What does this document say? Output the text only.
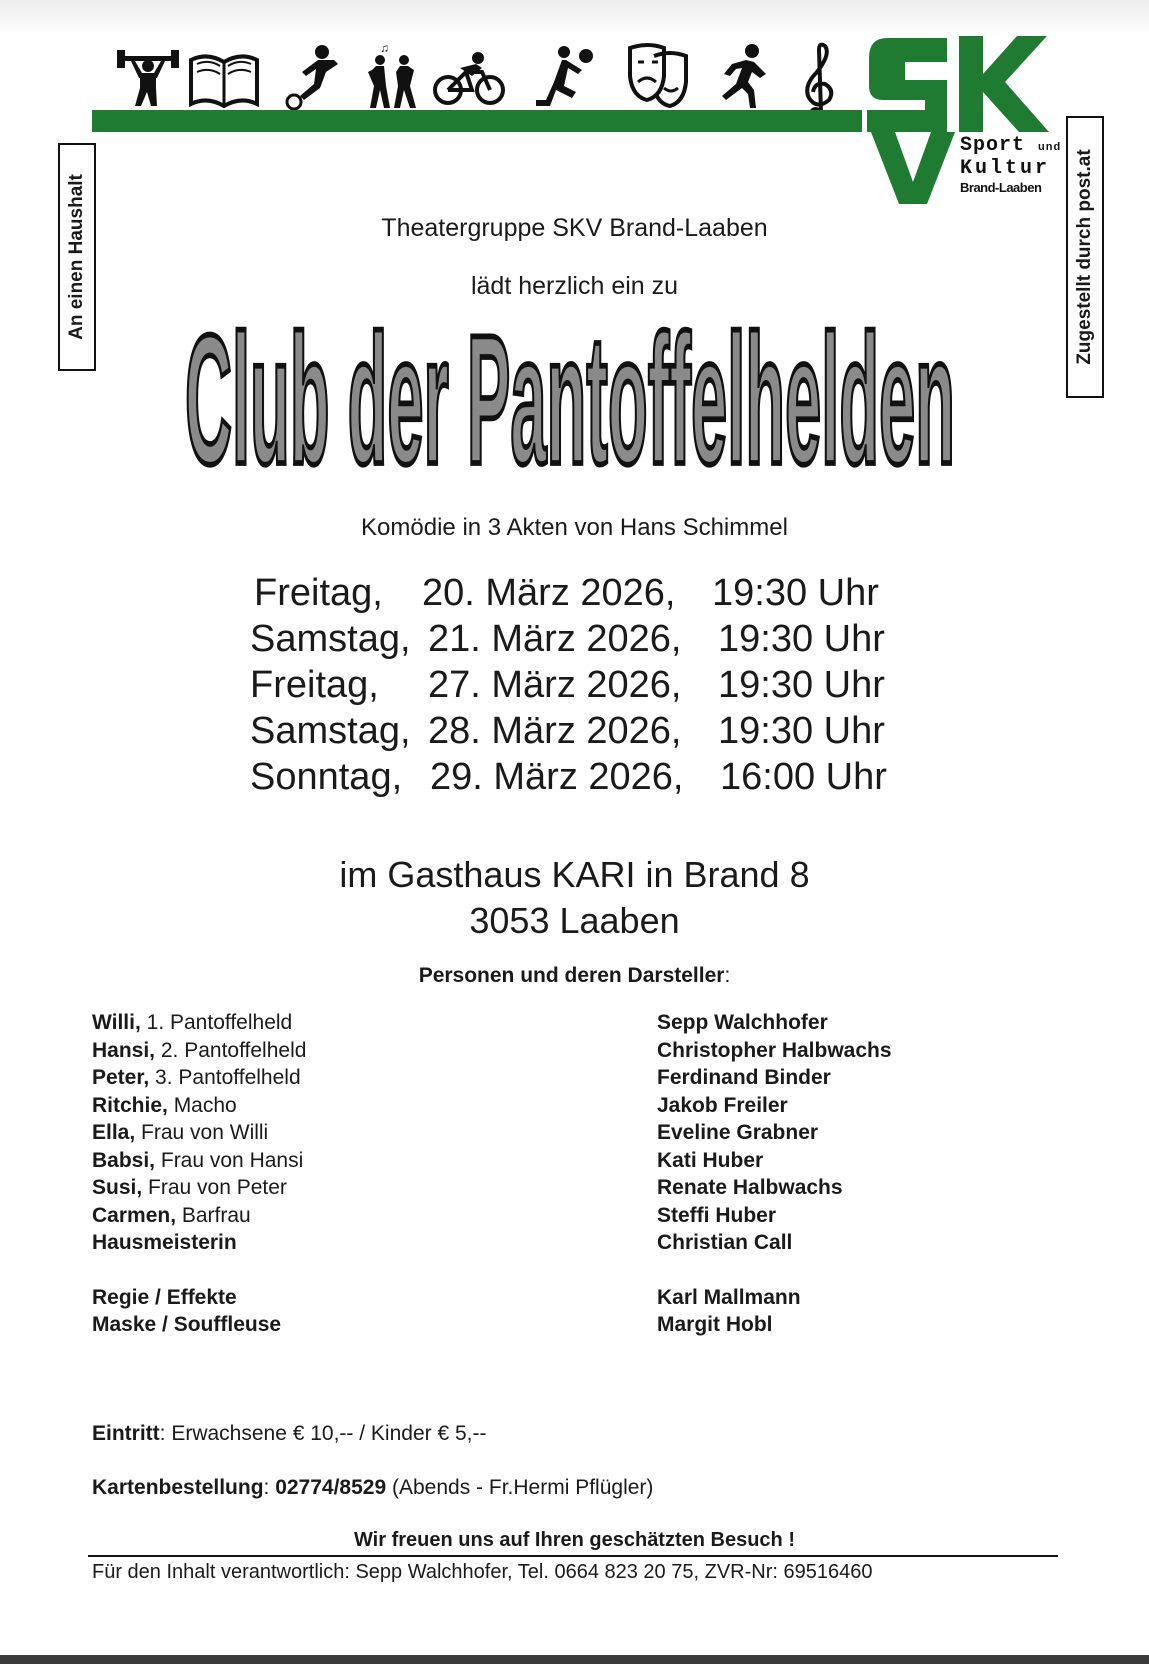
♫
Sport und
Kultur
Brand-Laaben
An einen Haushalt	Zugestellt durch post.at
Theatergruppe SKV Brand-Laaben
lädt herzlich ein zu
Club der Pantoffelhelden
Komödie in 3 Akten von Hans Schimmel
Freitag, 20. März 2026, 19:30 Uhr
Samstag, 21. März 2026, 19:30 Uhr
Freitag, 27. März 2026, 19:30 Uhr
Samstag, 28. März 2026, 19:30 Uhr
Sonntag, 29. März 2026, 16:00 Uhr
im Gasthaus KARI in Brand 8
3053 Laaben
Personen und deren Darsteller:
Willi, 1. Pantoffelheld	Sepp Walchhofer
Hansi, 2. Pantoffelheld	Christopher Halbwachs
Peter, 3. Pantoffelheld	Ferdinand Binder
Ritchie, Macho	Jakob Freiler
Ella, Frau von Willi	Eveline Grabner
Babsi, Frau von Hansi	Kati Huber
Susi, Frau von Peter	Renate Halbwachs
Carmen, Barfrau	Steffi Huber
Hausmeisterin	Christian Call
Regie / Effekte	Karl Mallmann
Maske / Souffleuse	Margit Hobl
Eintritt: Erwachsene € 10,-- / Kinder € 5,--
Kartenbestellung: 02774/8529 (Abends - Fr.Hermi Pflügler)
Wir freuen uns auf Ihren geschätzten Besuch !
Für den Inhalt verantwortlich: Sepp Walchhofer, Tel. 0664 823 20 75, ZVR-Nr: 69516460
